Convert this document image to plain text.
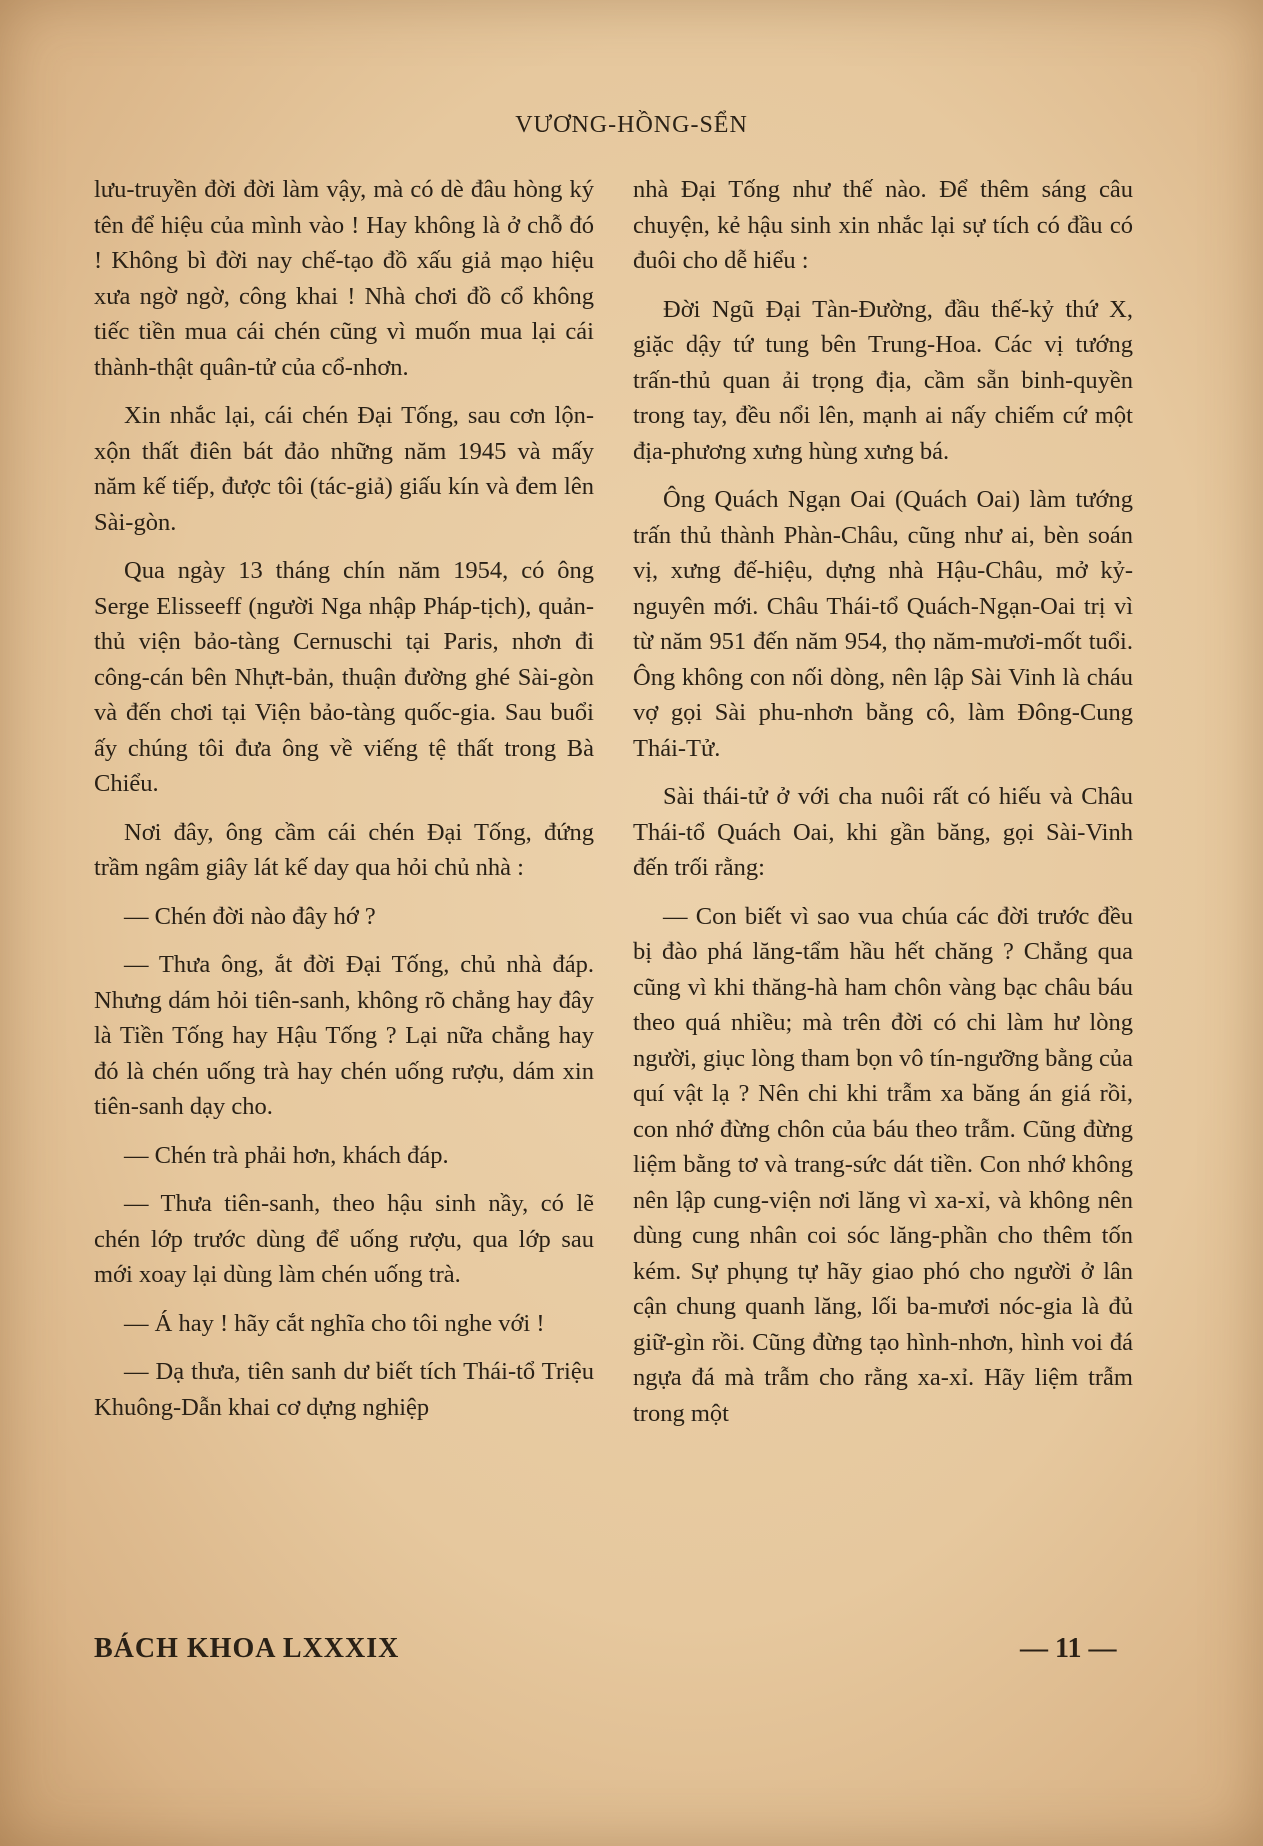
VƯƠNG-HỒNG-SỂN

lưu-truyền đời đời làm vậy, mà có dè đâu hòng ký tên để hiệu của mình vào ! Hay không là ở chỗ đó ! Không bì đời nay chế-tạo đồ xấu giả mạo hiệu xưa ngờ ngờ, công khai ! Nhà chơi đồ cổ không tiếc tiền mua cái chén cũng vì muốn mua lại cái thành-thật quân-tử của cổ-nhơn.

Xin nhắc lại, cái chén Đại Tống, sau cơn lộn-xộn thất điên bát đảo những năm 1945 và mấy năm kế tiếp, được tôi (tác-giả) giấu kín và đem lên Sài-gòn.

Qua ngày 13 tháng chín năm 1954, có ông Serge Elisseeff (người Nga nhập Pháp-tịch), quản-thủ viện bảo-tàng Cernuschi tại Paris, nhơn đi công-cán bên Nhựt-bản, thuận đường ghé Sài-gòn và đến chơi tại Viện bảo-tàng quốc-gia. Sau buổi ấy chúng tôi đưa ông về viếng tệ thất trong Bà Chiểu.

Nơi đây, ông cầm cái chén Đại Tống, đứng trầm ngâm giây lát kế day qua hỏi chủ nhà :

— Chén đời nào đây hớ ?

— Thưa ông, ắt đời Đại Tống, chủ nhà đáp. Nhưng dám hỏi tiên-sanh, không rõ chẳng hay đây là Tiền Tống hay Hậu Tống ? Lại nữa chẳng hay đó là chén uống trà hay chén uống rượu, dám xin tiên-sanh dạy cho.

— Chén trà phải hơn, khách đáp.

— Thưa tiên-sanh, theo hậu sinh nầy, có lẽ chén lớp trước dùng để uống rượu, qua lớp sau mới xoay lại dùng làm chén uống trà.

— Á hay ! hãy cắt nghĩa cho tôi nghe với !

— Dạ thưa, tiên sanh dư biết tích Thái-tổ Triệu Khuông-Dẫn khai cơ dựng nghiệp

nhà Đại Tống như thế nào. Để thêm sáng câu chuyện, kẻ hậu sinh xin nhắc lại sự tích có đầu có đuôi cho dễ hiểu :

Đời Ngũ Đại Tàn-Đường, đầu thế-kỷ thứ X, giặc dậy tứ tung bên Trung-Hoa. Các vị tướng trấn-thủ quan ải trọng địa, cầm sẵn binh-quyền trong tay, đều nổi lên, mạnh ai nấy chiếm cứ một địa-phương xưng hùng xưng bá.

Ông Quách Ngạn Oai (Quách Oai) làm tướng trấn thủ thành Phàn-Châu, cũng như ai, bèn soán vị, xưng đế-hiệu, dựng nhà Hậu-Châu, mở kỷ-nguyên mới. Châu Thái-tổ Quách-Ngạn-Oai trị vì từ năm 951 đến năm 954, thọ năm-mươi-mốt tuổi. Ông không con nối dòng, nên lập Sài Vinh là cháu vợ gọi Sài phu-nhơn bằng cô, làm Đông-Cung Thái-Tử.

Sài thái-tử ở với cha nuôi rất có hiếu và Châu Thái-tổ Quách Oai, khi gần băng, gọi Sài-Vinh đến trối rằng:

— Con biết vì sao vua chúa các đời trước đều bị đào phá lăng-tẩm hầu hết chăng ? Chẳng qua cũng vì khi thăng-hà ham chôn vàng bạc châu báu theo quá nhiều; mà trên đời có chi làm hư lòng người, giục lòng tham bọn vô tín-ngưỡng bằng của quí vật lạ ? Nên chi khi trẫm xa băng án giá rồi, con nhớ đừng chôn của báu theo trẫm. Cũng đừng liệm bằng tơ và trang-sức dát tiền. Con nhớ không nên lập cung-viện nơi lăng vì xa-xỉ, và không nên dùng cung nhân coi sóc lăng-phần cho thêm tốn kém. Sự phụng tự hãy giao phó cho người ở lân cận chung quanh lăng, lối ba-mươi nóc-gia là đủ giữ-gìn rồi. Cũng đừng tạo hình-nhơn, hình voi đá ngựa đá mà trẫm cho rằng xa-xỉ. Hãy liệm trẫm trong một

BÁCH KHOA LXXXIX	— 11 —
